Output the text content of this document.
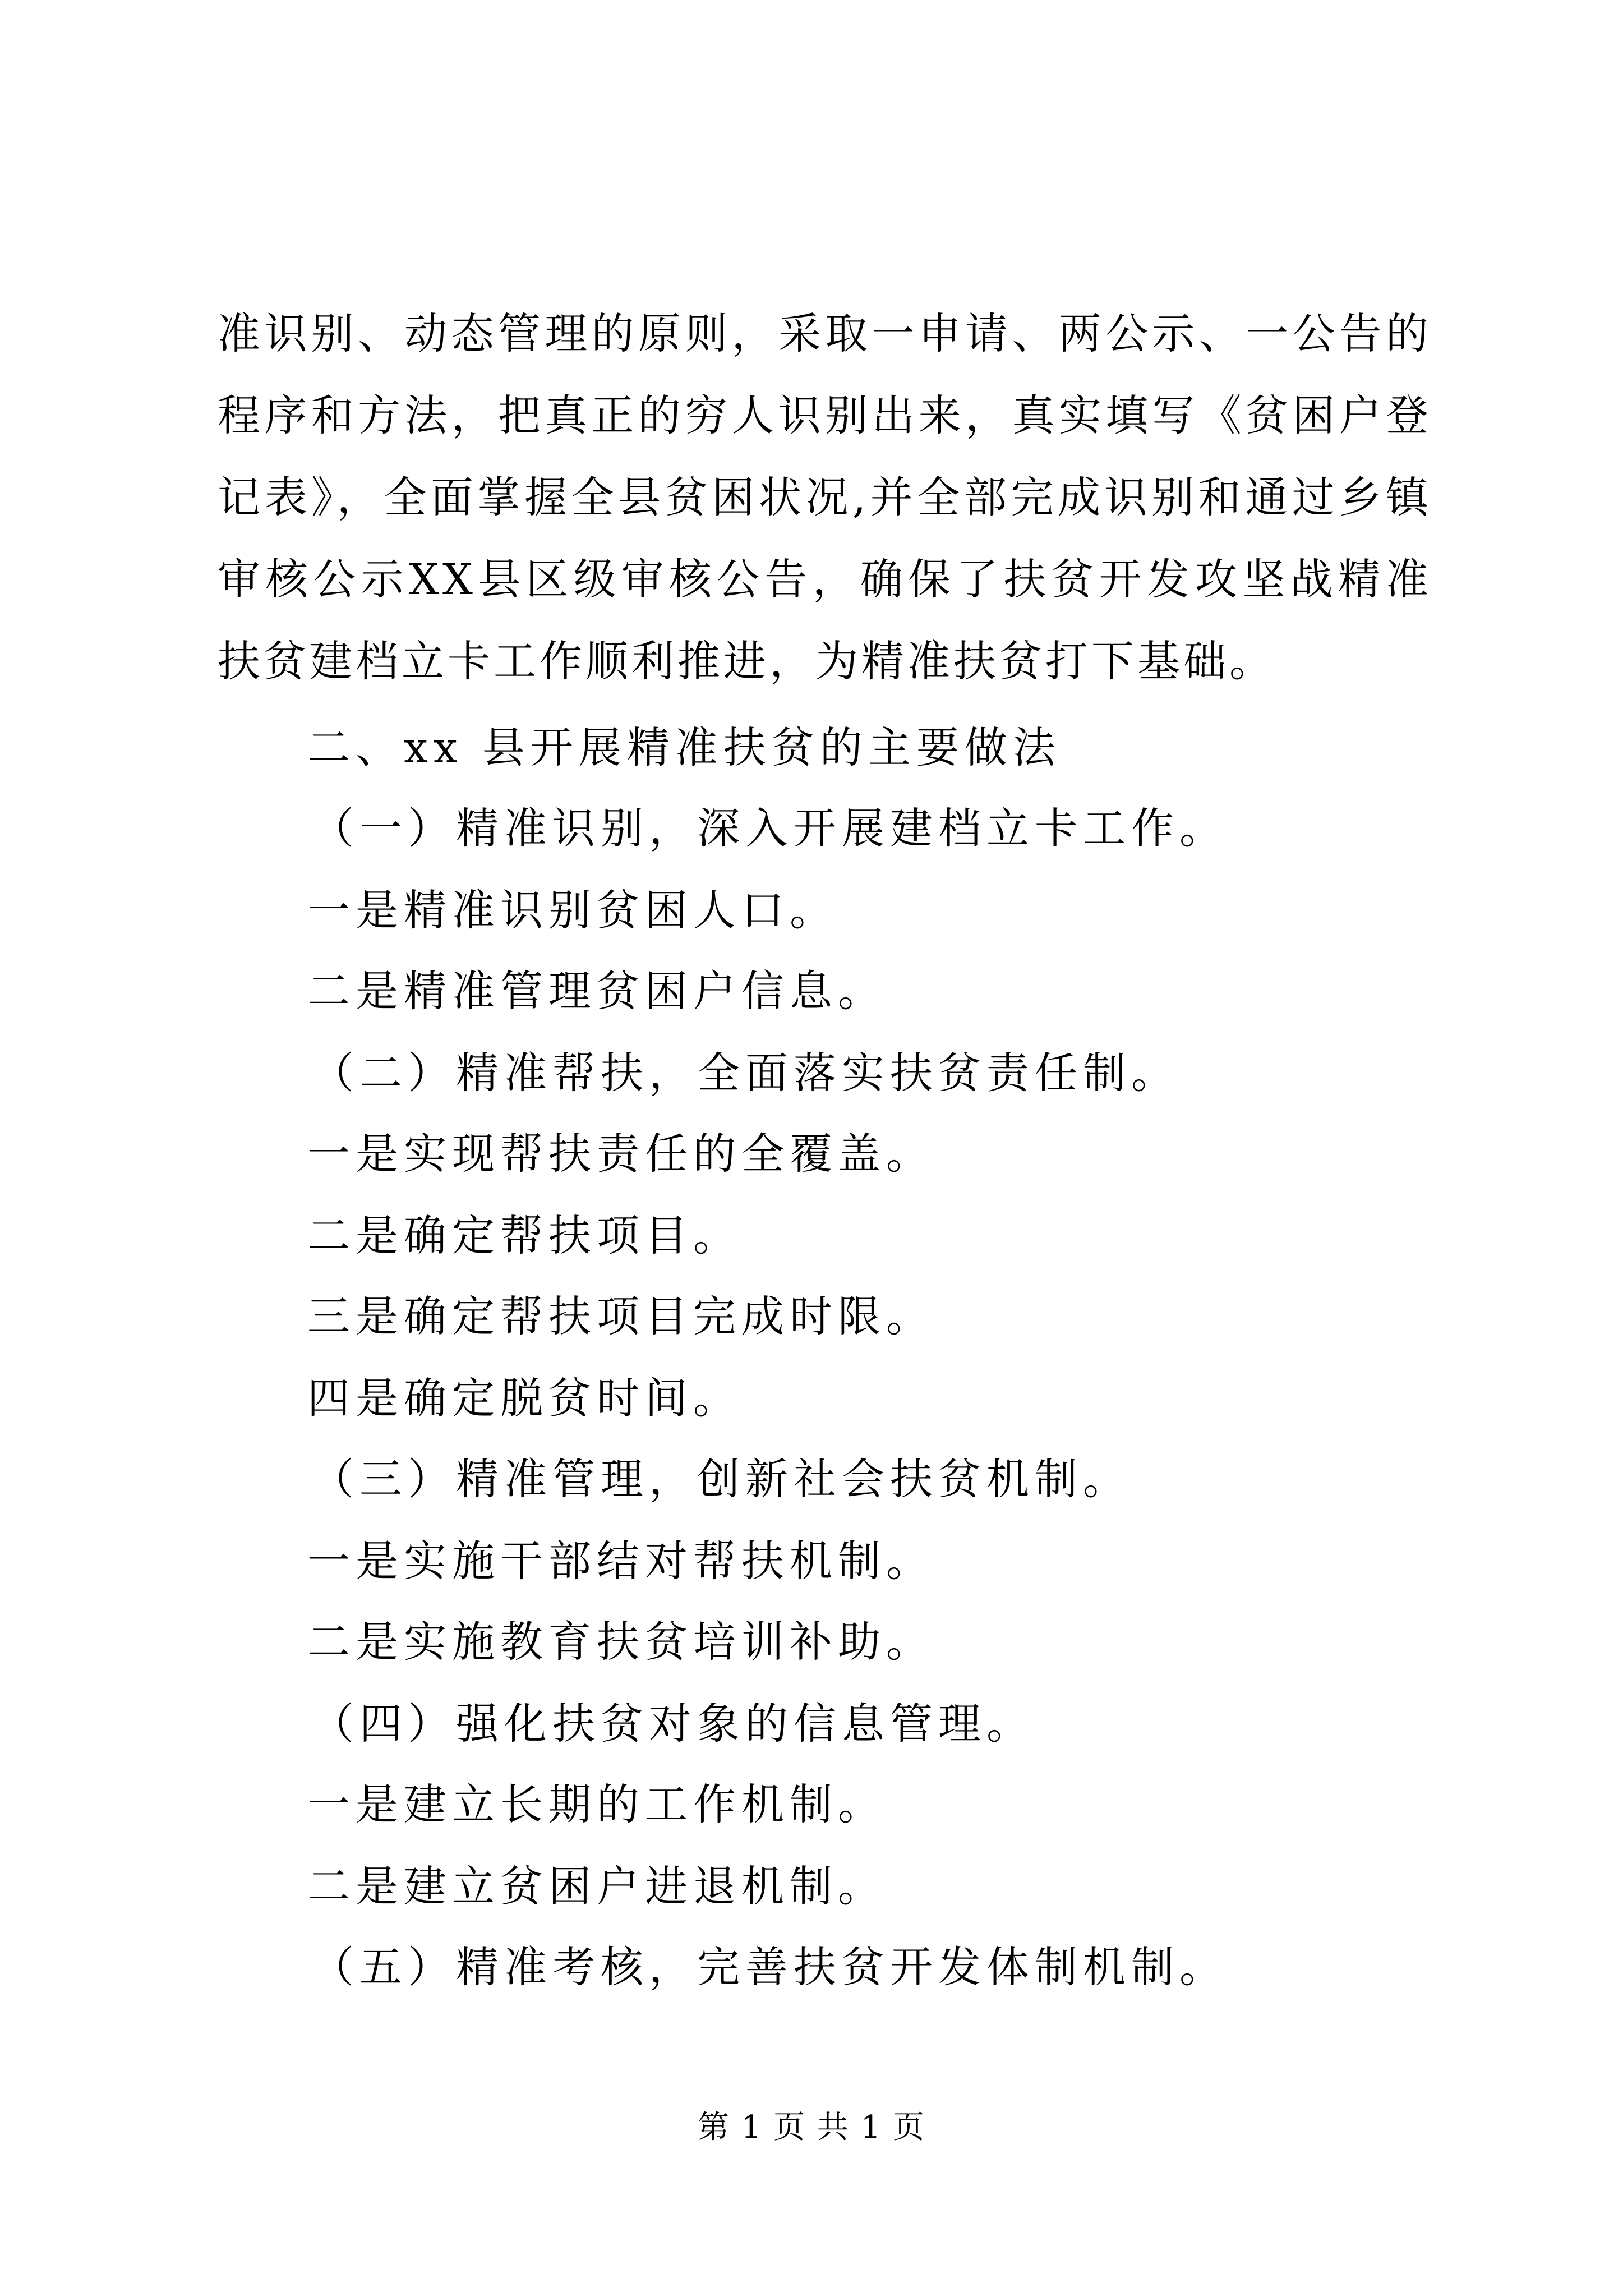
准识别、动态管理的原则，采取一申请、两公示、一公告的程序和方法，把真正的穷人识别出来，真实填写《贫困户登记表》，全面掌握全县贫困状况,并全部完成识别和通过乡镇审核公示XX县区级审核公告，确保了扶贫开发攻坚战精准扶贫建档立卡工作顺利推进，为精准扶贫打下基础。

二、xx 县开展精准扶贫的主要做法

（一）精准识别，深入开展建档立卡工作。

一是精准识别贫困人口。

二是精准管理贫困户信息。

（二）精准帮扶，全面落实扶贫责任制。

一是实现帮扶责任的全覆盖。

二是确定帮扶项目。

三是确定帮扶项目完成时限。

四是确定脱贫时间。

（三）精准管理，创新社会扶贫机制。

一是实施干部结对帮扶机制。

二是实施教育扶贫培训补助。

（四）强化扶贫对象的信息管理。

一是建立长期的工作机制。

二是建立贫困户进退机制。

（五）精准考核，完善扶贫开发体制机制。

第 1 页 共 1 页
